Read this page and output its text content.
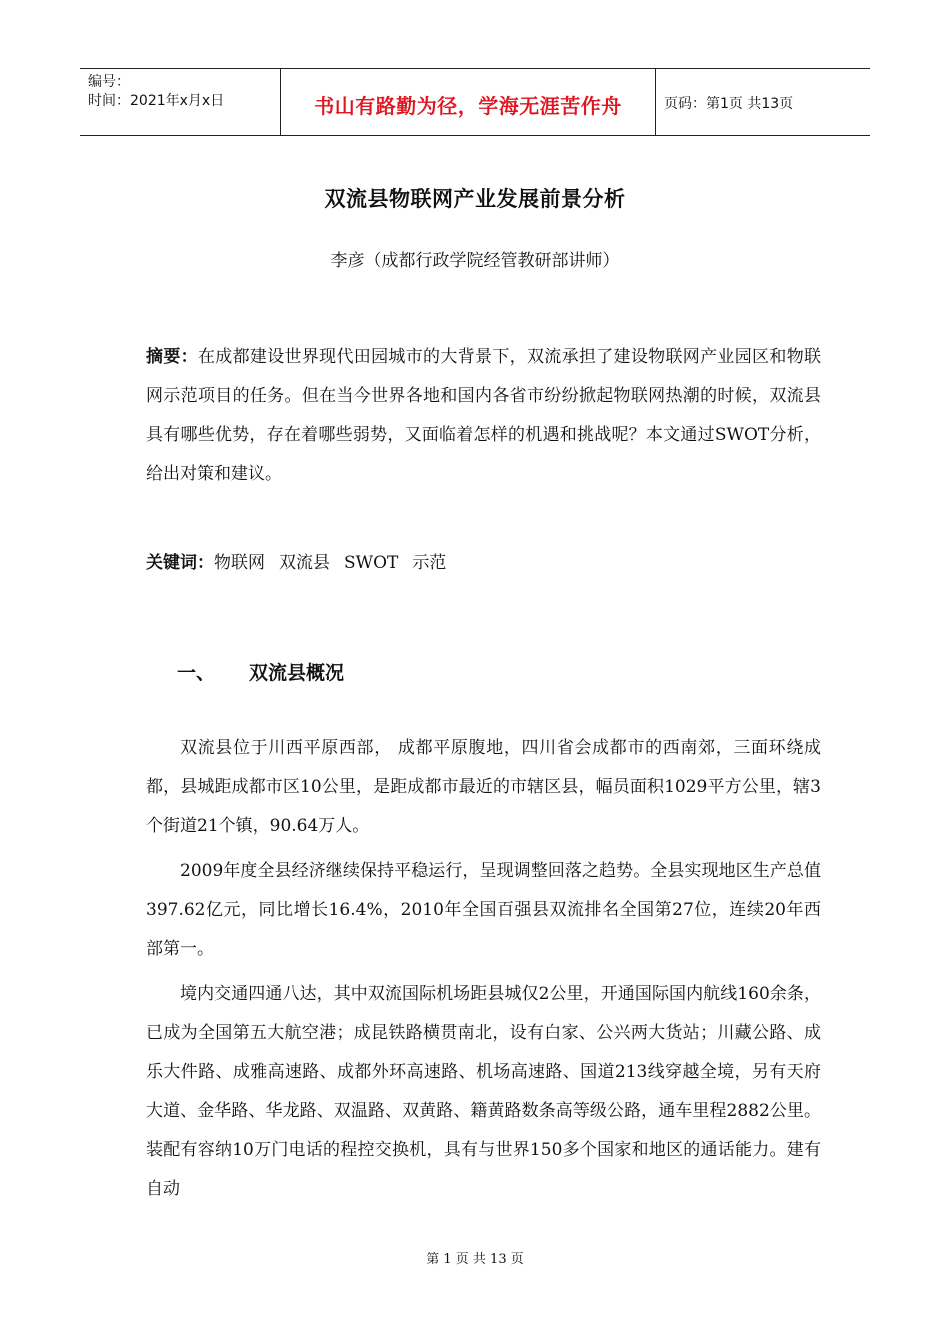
编号：
时间：2021年x月x日	书山有路勤为径，学海无涯苦作舟	页码：第1页 共13页
双流县物联网产业发展前景分析
李彦（成都行政学院经管教研部讲师）
摘要：在成都建设世界现代田园城市的大背景下，双流承担了建设物联网产业园区和物联网示范项目的任务。但在当今世界各地和国内各省市纷纷掀起物联网热潮的时候，双流县具有哪些优势，存在着哪些弱势，又面临着怎样的机遇和挑战呢？本文通过SWOT分析，给出对策和建议。
关键词：物联网 双流县 SWOT 示范
一、 双流县概况

双流县位于川西平原西部， 成都平原腹地，四川省会成都市的西南郊，三面环绕成都，县城距成都市区10公里，是距成都市最近的市辖区县，幅员面积1029平方公里，辖3个街道21个镇，90.64万人。

2009年度全县经济继续保持平稳运行，呈现调整回落之趋势。全县实现地区生产总值397.62亿元，同比增长16.4%，2010年全国百强县双流排名全国第27位，连续20年西部第一。

境内交通四通八达，其中双流国际机场距县城仅2公里，开通国际国内航线160余条，已成为全国第五大航空港；成昆铁路横贯南北，设有白家、公兴两大货站；川藏公路、成乐大件路、成雅高速路、成都外环高速路、机场高速路、国道213线穿越全境，另有天府大道、金华路、华龙路、双温路、双黄路、籍黄路数条高等级公路，通车里程2882公里。装配有容纳10万门电话的程控交换机，具有与世界150多个国家和地区的通话能力。建有自动

第 1 页 共 13 页
